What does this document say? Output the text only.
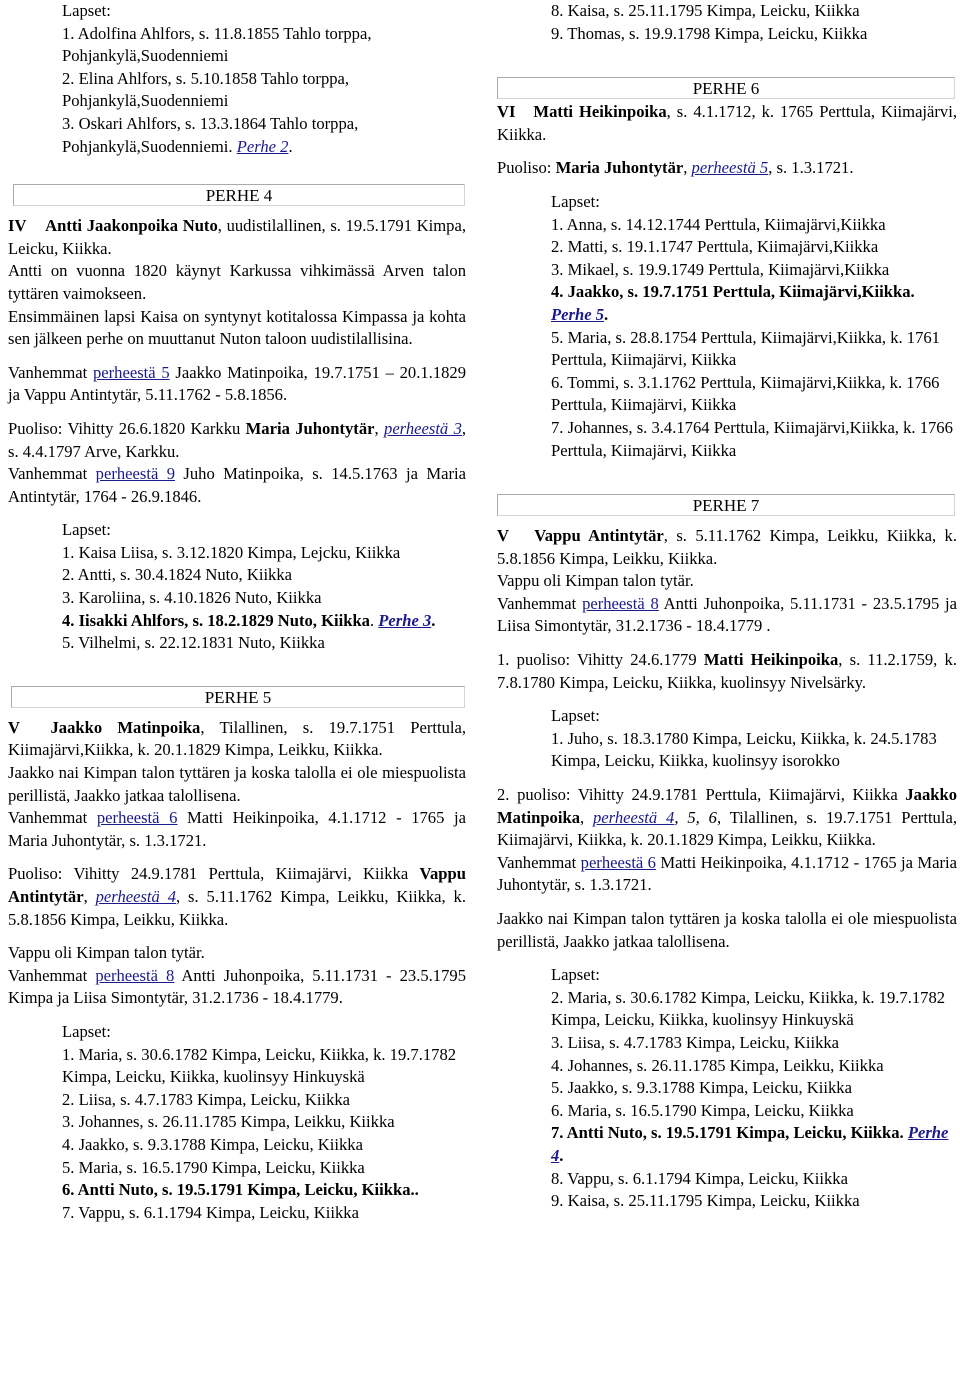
Lapset:

1. Adolfina Ahlfors, s. 11.8.1855 Tahlo torppa, Pohjankylä,Suodenniemi

2. Elina Ahlfors, s. 5.10.1858 Tahlo torppa, Pohjankylä,Suodenniemi

3. Oskari Ahlfors, s. 13.3.1864 Tahlo torppa, Pohjankylä,Suodenniemi. Perhe 2.

PERHE 4

IV Antti Jaakonpoika Nuto, uudistilallinen, s. 19.5.1791 Kimpa, Leicku, Kiikka.

Antti on vuonna 1820 käynyt Karkussa vihkimässä Arven talon tyttären vaimokseen.

Ensimmäinen lapsi Kaisa on syntynyt kotitalossa Kimpassa ja kohta sen jälkeen perhe on muuttanut Nuton taloon uudistilallisina.

Vanhemmat perheestä 5 Jaakko Matinpoika, 19.7.1751 – 20.1.1829 ja Vappu Antintytär, 5.11.1762 - 5.8.1856.

Puoliso: Vihitty 26.6.1820 Karkku Maria Juhontytär, perheestä 3, s. 4.4.1797 Arve, Karkku.

Vanhemmat perheestä 9 Juho Matinpoika, s. 14.5.1763 ja Maria Antintytär, 1764 - 26.9.1846.

Lapset:

1. Kaisa Liisa, s. 3.12.1820 Kimpa, Lejcku, Kiikka

2. Antti, s. 30.4.1824 Nuto, Kiikka

3. Karoliina, s. 4.10.1826 Nuto, Kiikka

4. Iisakki Ahlfors, s. 18.2.1829 Nuto, Kiikka. Perhe 3.

5. Vilhelmi, s. 22.12.1831 Nuto, Kiikka

PERHE 5

V Jaakko Matinpoika, Tilallinen, s. 19.7.1751 Perttula, Kiimajärvi,Kiikka, k. 20.1.1829 Kimpa, Leikku, Kiikka.

Jaakko nai Kimpan talon tyttären ja koska talolla ei ole miespuolista perillistä, Jaakko jatkaa talollisena.

Vanhemmat perheestä 6 Matti Heikinpoika, 4.1.1712 - 1765 ja Maria Juhontytär, s. 1.3.1721.

Puoliso: Vihitty 24.9.1781 Perttula, Kiimajärvi, Kiikka Vappu Antintytär, perheestä 4, s. 5.11.1762 Kimpa, Leikku, Kiikka, k. 5.8.1856 Kimpa, Leikku, Kiikka.

Vappu oli Kimpan talon tytär.

Vanhemmat perheestä 8 Antti Juhonpoika, 5.11.1731 - 23.5.1795 Kimpa ja Liisa Simontytär, 31.2.1736 - 18.4.1779.

Lapset:

1. Maria, s. 30.6.1782 Kimpa, Leicku, Kiikka, k. 19.7.1782 Kimpa, Leicku, Kiikka, kuolinsyy Hinkuyskä

2. Liisa, s. 4.7.1783 Kimpa, Leicku, Kiikka

3. Johannes, s. 26.11.1785 Kimpa, Leikku, Kiikka

4. Jaakko, s. 9.3.1788 Kimpa, Leicku, Kiikka

5. Maria, s. 16.5.1790 Kimpa, Leicku, Kiikka

6. Antti Nuto, s. 19.5.1791 Kimpa, Leicku, Kiikka..

7. Vappu, s. 6.1.1794 Kimpa, Leicku, Kiikka

8. Kaisa, s. 25.11.1795 Kimpa, Leicku, Kiikka

9. Thomas, s. 19.9.1798 Kimpa, Leicku, Kiikka

PERHE 6

VI Matti Heikinpoika, s. 4.1.1712, k. 1765 Perttula, Kiimajärvi, Kiikka.

Puoliso: Maria Juhontytär, perheestä 5, s. 1.3.1721.

Lapset:

1. Anna, s. 14.12.1744 Perttula, Kiimajärvi,Kiikka

2. Matti, s. 19.1.1747 Perttula, Kiimajärvi,Kiikka

3. Mikael, s. 19.9.1749 Perttula, Kiimajärvi,Kiikka

4. Jaakko, s. 19.7.1751 Perttula, Kiimajärvi,Kiikka. Perhe 5.

5. Maria, s. 28.8.1754 Perttula, Kiimajärvi,Kiikka, k. 1761 Perttula, Kiimajärvi, Kiikka

6. Tommi, s. 3.1.1762 Perttula, Kiimajärvi,Kiikka, k. 1766 Perttula, Kiimajärvi, Kiikka

7. Johannes, s. 3.4.1764 Perttula, Kiimajärvi,Kiikka, k. 1766 Perttula, Kiimajärvi, Kiikka

PERHE 7

V Vappu Antintytär, s. 5.11.1762 Kimpa, Leikku, Kiikka, k. 5.8.1856 Kimpa, Leikku, Kiikka.

Vappu oli Kimpan talon tytär.

Vanhemmat perheestä 8 Antti Juhonpoika, 5.11.1731 - 23.5.1795 ja Liisa Simontytär, 31.2.1736 - 18.4.1779 .

1. puoliso: Vihitty 24.6.1779 Matti Heikinpoika, s. 11.2.1759, k. 7.8.1780 Kimpa, Leicku, Kiikka, kuolinsyy Nivelsärky.

Lapset:

1. Juho, s. 18.3.1780 Kimpa, Leicku, Kiikka, k. 24.5.1783 Kimpa, Leicku, Kiikka, kuolinsyy isorokko

2. puoliso: Vihitty 24.9.1781 Perttula, Kiimajärvi, Kiikka Jaakko Matinpoika, perheestä 4, 5, 6, Tilallinen, s. 19.7.1751 Perttula, Kiimajärvi, Kiikka, k. 20.1.1829 Kimpa, Leikku, Kiikka.

Vanhemmat perheestä 6 Matti Heikinpoika, 4.1.1712 - 1765 ja Maria Juhontytär, s. 1.3.1721.

Jaakko nai Kimpan talon tyttären ja koska talolla ei ole miespuolista perillistä, Jaakko jatkaa talollisena.

Lapset:

2. Maria, s. 30.6.1782 Kimpa, Leicku, Kiikka, k. 19.7.1782 Kimpa, Leicku, Kiikka, kuolinsyy Hinkuyskä

3. Liisa, s. 4.7.1783 Kimpa, Leicku, Kiikka

4. Johannes, s. 26.11.1785 Kimpa, Leikku, Kiikka

5. Jaakko, s. 9.3.1788 Kimpa, Leicku, Kiikka

6. Maria, s. 16.5.1790 Kimpa, Leicku, Kiikka

7. Antti Nuto, s. 19.5.1791 Kimpa, Leicku, Kiikka. Perhe 4.

8. Vappu, s. 6.1.1794 Kimpa, Leicku, Kiikka

9. Kaisa, s. 25.11.1795 Kimpa, Leicku, Kiikka
